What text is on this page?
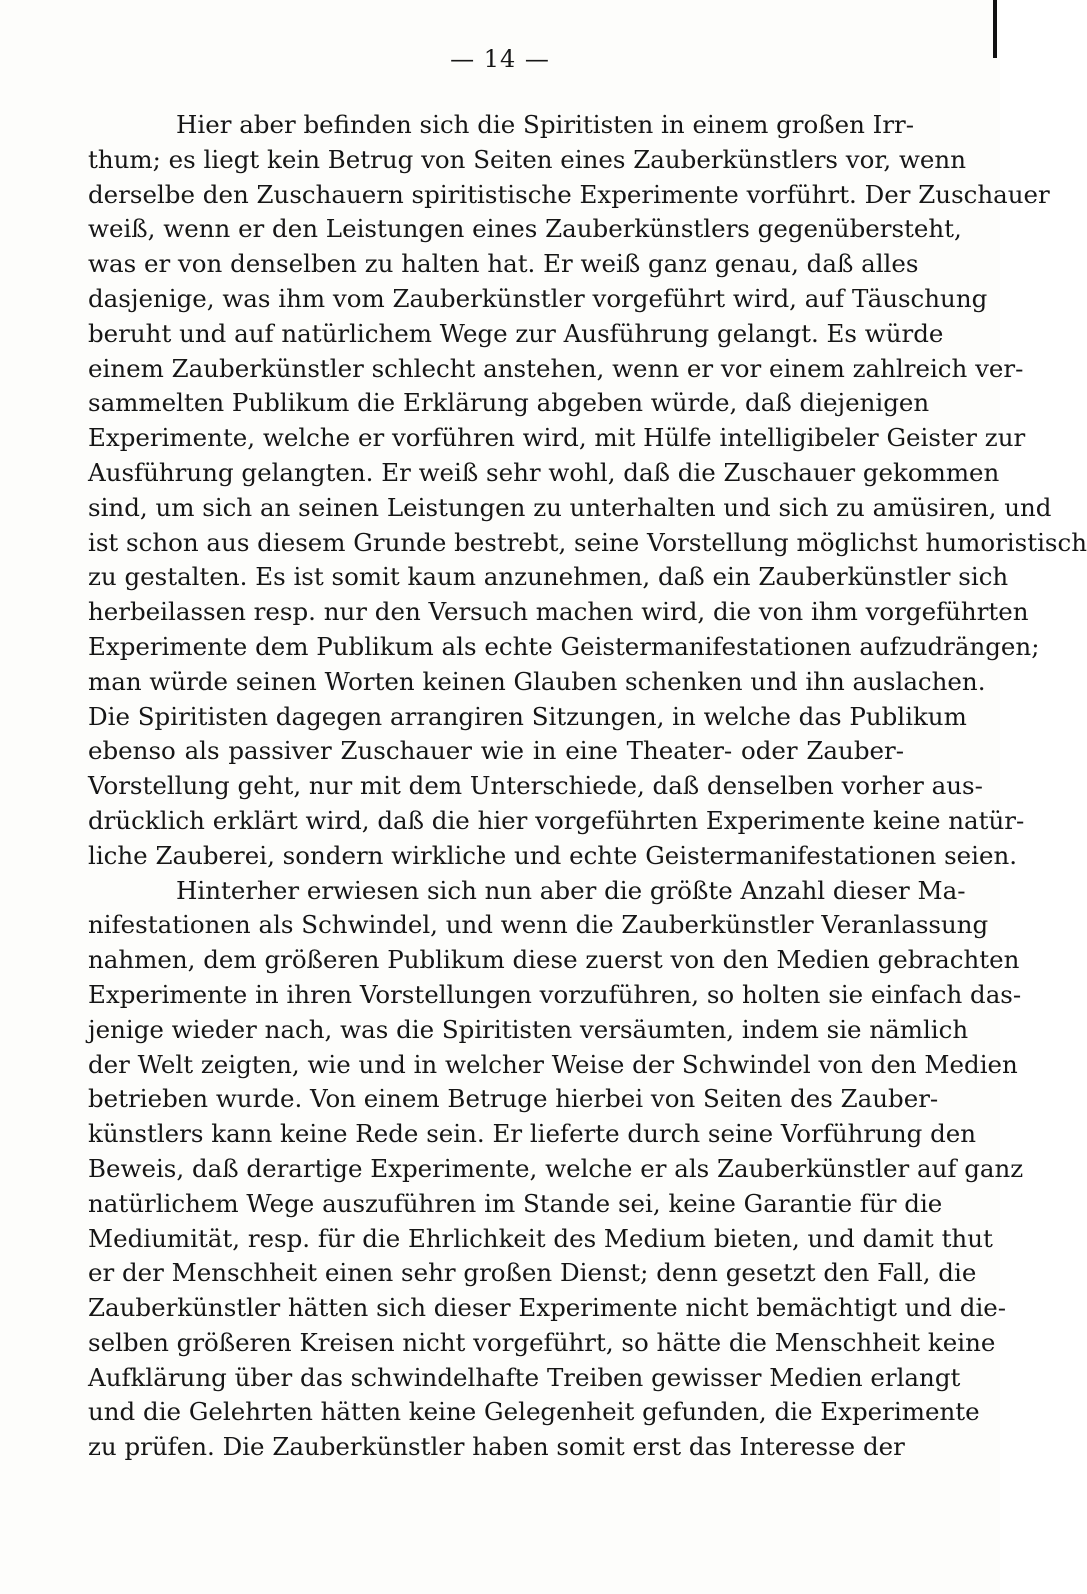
— 14 —
Hier aber befinden sich die Spiritisten in einem großen Irr-
thum; es liegt kein Betrug von Seiten eines Zauberkünstlers vor, wenn
derselbe den Zuschauern spiritistische Experimente vorführt. Der Zuschauer
weiß, wenn er den Leistungen eines Zauberkünstlers gegenübersteht,
was er von denselben zu halten hat. Er weiß ganz genau, daß alles
dasjenige, was ihm vom Zauberkünstler vorgeführt wird, auf Täuschung
beruht und auf natürlichem Wege zur Ausführung gelangt. Es würde
einem Zauberkünstler schlecht anstehen, wenn er vor einem zahlreich ver-
sammelten Publikum die Erklärung abgeben würde, daß diejenigen
Experimente, welche er vorführen wird, mit Hülfe intelligibeler Geister zur
Ausführung gelangten. Er weiß sehr wohl, daß die Zuschauer gekommen
sind, um sich an seinen Leistungen zu unterhalten und sich zu amüsiren, und
ist schon aus diesem Grunde bestrebt, seine Vorstellung möglichst humoristisch
zu gestalten. Es ist somit kaum anzunehmen, daß ein Zauberkünstler sich
herbeilassen resp. nur den Versuch machen wird, die von ihm vorgeführten
Experimente dem Publikum als echte Geistermanifestationen aufzudrängen;
man würde seinen Worten keinen Glauben schenken und ihn auslachen.
Die Spiritisten dagegen arrangiren Sitzungen, in welche das Publikum
ebenso als passiver Zuschauer wie in eine Theater- oder Zauber-
Vorstellung geht, nur mit dem Unterschiede, daß denselben vorher aus-
drücklich erklärt wird, daß die hier vorgeführten Experimente keine natür-
liche Zauberei, sondern wirkliche und echte Geistermanifestationen seien.
Hinterher erwiesen sich nun aber die größte Anzahl dieser Ma-
nifestationen als Schwindel, und wenn die Zauberkünstler Veranlassung
nahmen, dem größeren Publikum diese zuerst von den Medien gebrachten
Experimente in ihren Vorstellungen vorzuführen, so holten sie einfach das-
jenige wieder nach, was die Spiritisten versäumten, indem sie nämlich
der Welt zeigten, wie und in welcher Weise der Schwindel von den Medien
betrieben wurde. Von einem Betruge hierbei von Seiten des Zauber-
künstlers kann keine Rede sein. Er lieferte durch seine Vorführung den
Beweis, daß derartige Experimente, welche er als Zauberkünstler auf ganz
natürlichem Wege auszuführen im Stande sei, keine Garantie für die
Mediumität, resp. für die Ehrlichkeit des Medium bieten, und damit thut
er der Menschheit einen sehr großen Dienst; denn gesetzt den Fall, die
Zauberkünstler hätten sich dieser Experimente nicht bemächtigt und die-
selben größeren Kreisen nicht vorgeführt, so hätte die Menschheit keine
Aufklärung über das schwindelhafte Treiben gewisser Medien erlangt
und die Gelehrten hätten keine Gelegenheit gefunden, die Experimente
zu prüfen. Die Zauberkünstler haben somit erst das Interesse der
